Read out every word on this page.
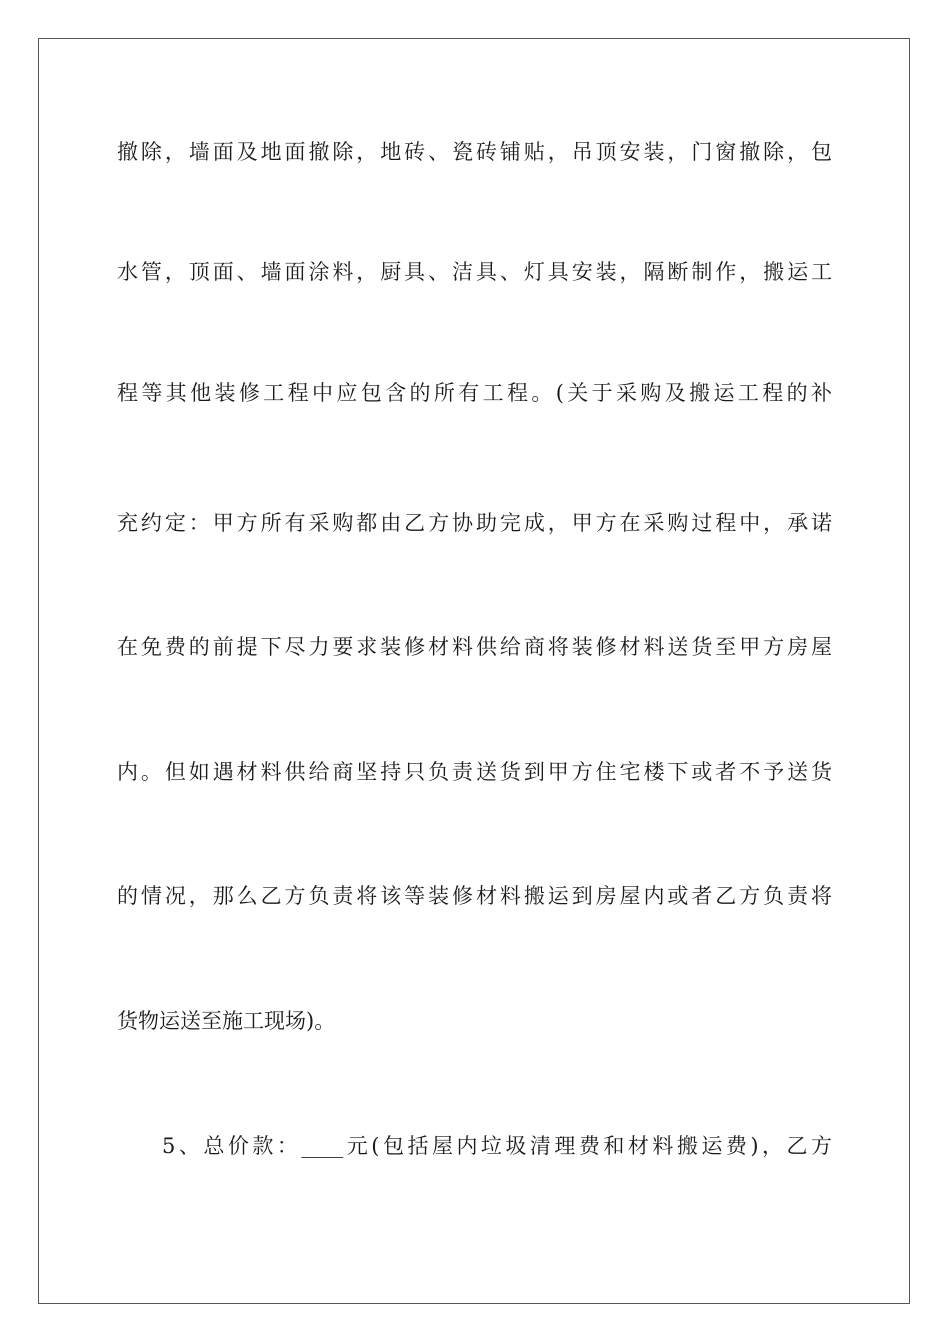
撤除，墙面及地面撤除，地砖、瓷砖铺贴，吊顶安装，门窗撤除，包
水管，顶面、墙面涂料，厨具、洁具、灯具安装，隔断制作，搬运工
程等其他装修工程中应包含的所有工程。(关于采购及搬运工程的补
充约定：甲方所有采购都由乙方协助完成，甲方在采购过程中，承诺
在免费的前提下尽力要求装修材料供给商将装修材料送货至甲方房屋
内。但如遇材料供给商坚持只负责送货到甲方住宅楼下或者不予送货
的情况，那么乙方负责将该等装修材料搬运到房屋内或者乙方负责将
货物运送至施工现场)。
5、总价款：____元(包括屋内垃圾清理费和材料搬运费)，乙方
